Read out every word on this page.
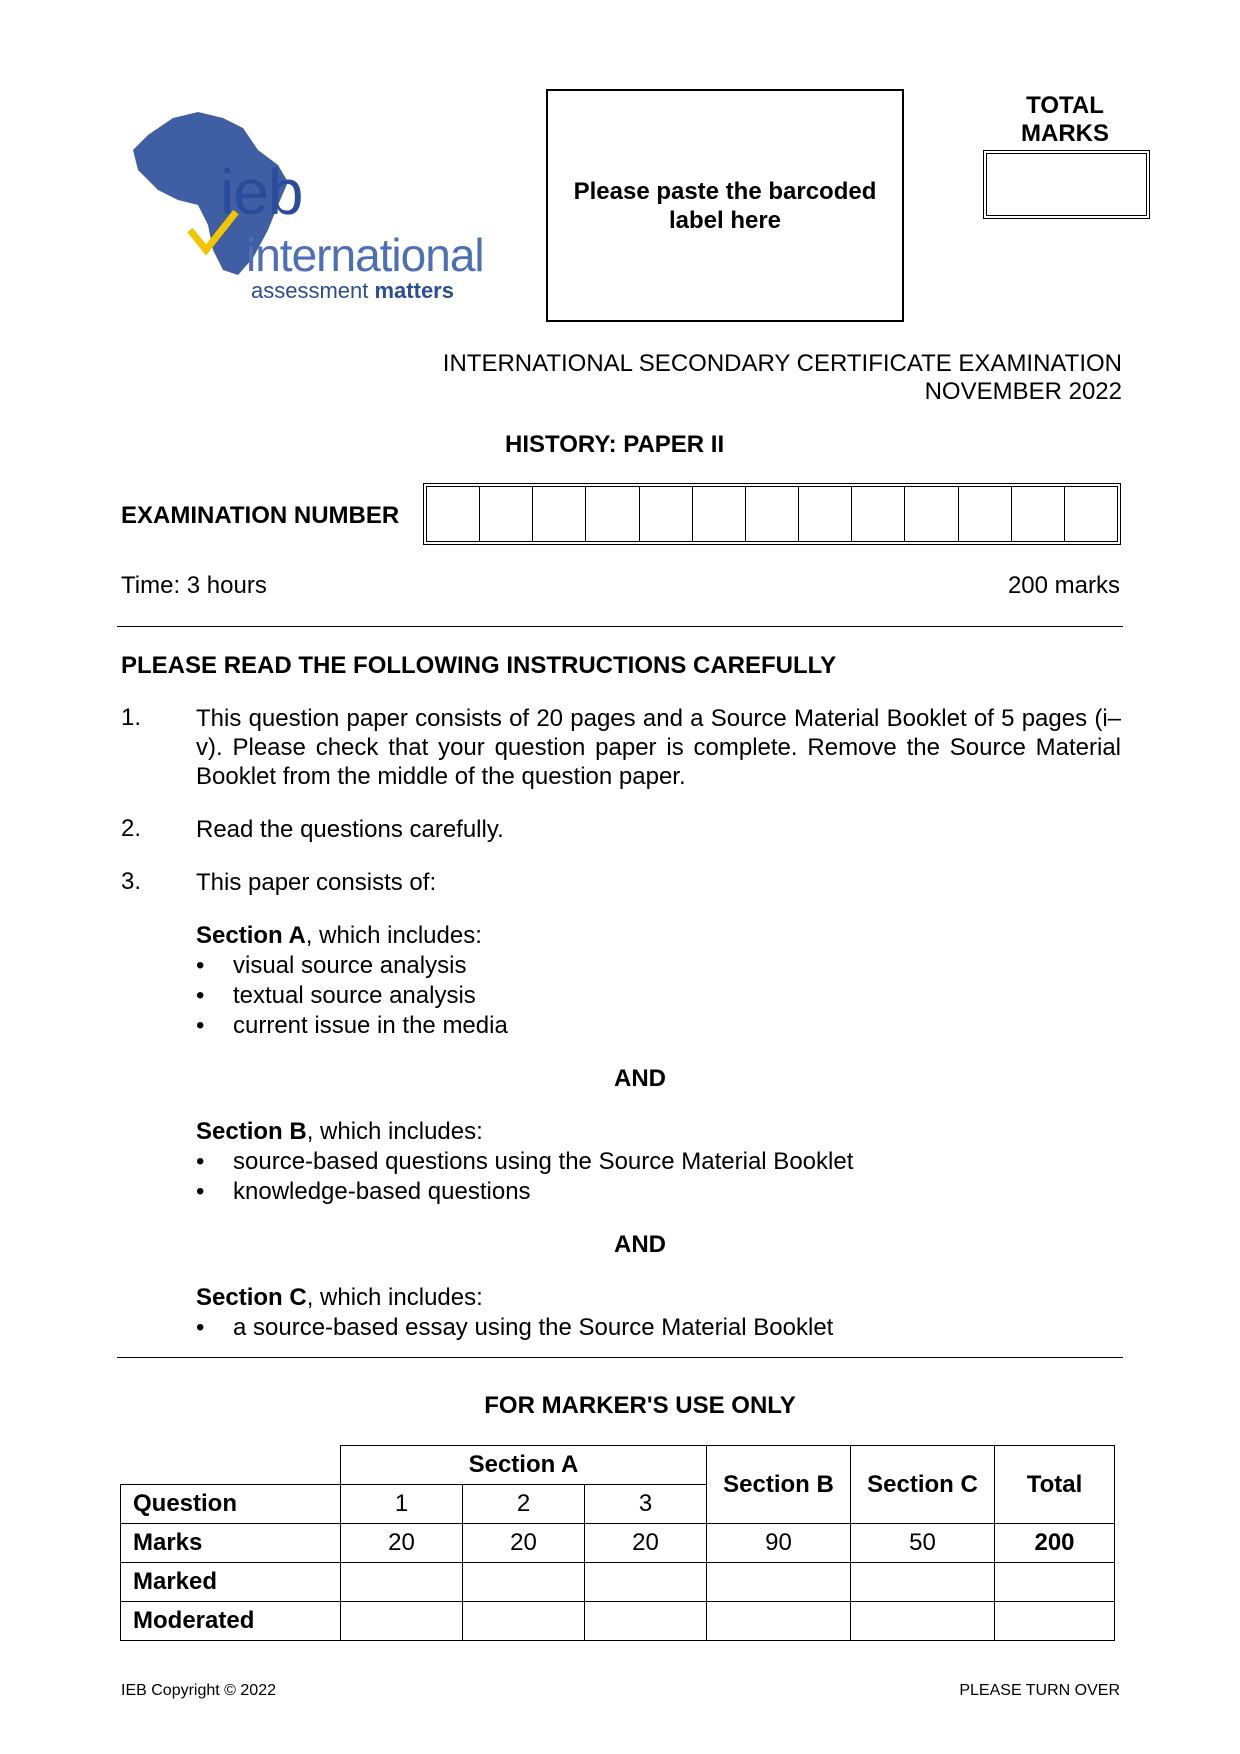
ieb
international
assessment matters
Please paste the barcoded label here
TOTAL MARKS
INTERNATIONAL SECONDARY CERTIFICATE EXAMINATION
NOVEMBER 2022
HISTORY: PAPER II
EXAMINATION NUMBER
Time: 3 hours	200 marks
PLEASE READ THE FOLLOWING INSTRUCTIONS CAREFULLY
1. This question paper consists of 20 pages and a Source Material Booklet of 5 pages (i–v). Please check that your question paper is complete. Remove the Source Material Booklet from the middle of the question paper.
2. Read the questions carefully.
3. This paper consists of:
Section A, which includes:
• visual source analysis
• textual source analysis
• current issue in the media
AND
Section B, which includes:
• source-based questions using the Source Material Booklet
• knowledge-based questions
AND
Section C, which includes:
• a source-based essay using the Source Material Booklet
FOR MARKER'S USE ONLY
	Section A			Section B	Section C	Total
Question	1	2	3			
Marks	20	20	20	90	50	200
Marked						
Moderated						
IEB Copyright © 2022	PLEASE TURN OVER
